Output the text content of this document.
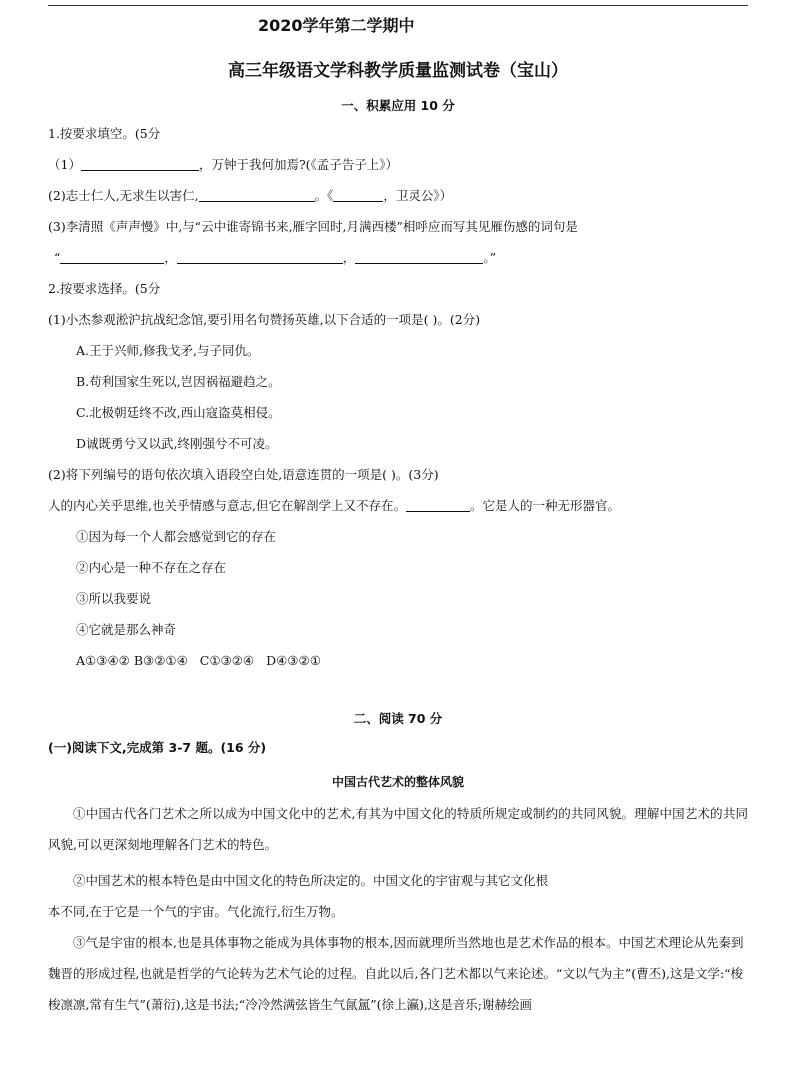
2020学年第二学期中
高三年级语文学科教学质量监测试卷（宝山）
一、积累应用 10 分
1.按要求填空。(5分
（1）	，万钟于我何加焉?(《孟子告子上》）
(2)志士仁人,无求生以害仁,	。《	，卫灵公》）
(3)李清照《声声慢》中,与“云中谁寄锦书来,雁字回时,月满西楼”相呼应而写其见雁伤感的词句是
“	，	，	。”
2.按要求选择。(5分
(1)小杰参观淞沪抗战纪念馆,要引用名句赞扬英雄,以下合适的一项是( )。(2分)
A.王于兴师,修我戈矛,与子同仇。
B.苟利国家生死以,岂因祸福避趋之。
C.北极朝廷终不改,西山寇盗莫相侵。
D诚既勇兮又以武,终刚强兮不可凌。
(2)将下列编号的语句依次填入语段空白处,语意连贯的一项是( )。(3分)
人的内心关乎思维,也关乎情感与意志,但它在解剖学上又不存在。	。它是人的一种无形器官。
①因为每一个人都会感觉到它的存在
②内心是一种不存在之存在
③所以我要说
④它就是那么神奇
A①③④② B③②①④   C①③②④   D④③②①
二、阅读 70 分
(一)阅读下文,完成第 3-7 题。(16 分)
中国古代艺术的整体风貌

①中国古代各门艺术之所以成为中国文化中的艺术,有其为中国文化的特质所规定或制约的共同风貌。理解中国艺术的共同风貌,可以更深刻地理解各门艺术的特色。

②中国艺术的根本特色是由中国文化的特色所决定的。中国文化的宇宙观与其它文化根

本不同,在于它是一个气的宇宙。气化流行,衍生万物。

③气是宇宙的根本,也是具体事物之能成为具体事物的根本,因而就理所当然地也是艺术作品的根本。中国艺术理论从先秦到魏晋的形成过程,也就是哲学的气论转为艺术气论的过程。自此以后,各门艺术都以气来论述。“文以气为主”(曹丕),这是文学:“梭梭凛凛,常有生气”(萧衍),这是书法;“冷冷然满弦皆生气氤氲”(徐上瀛),这是音乐;谢赫绘画
